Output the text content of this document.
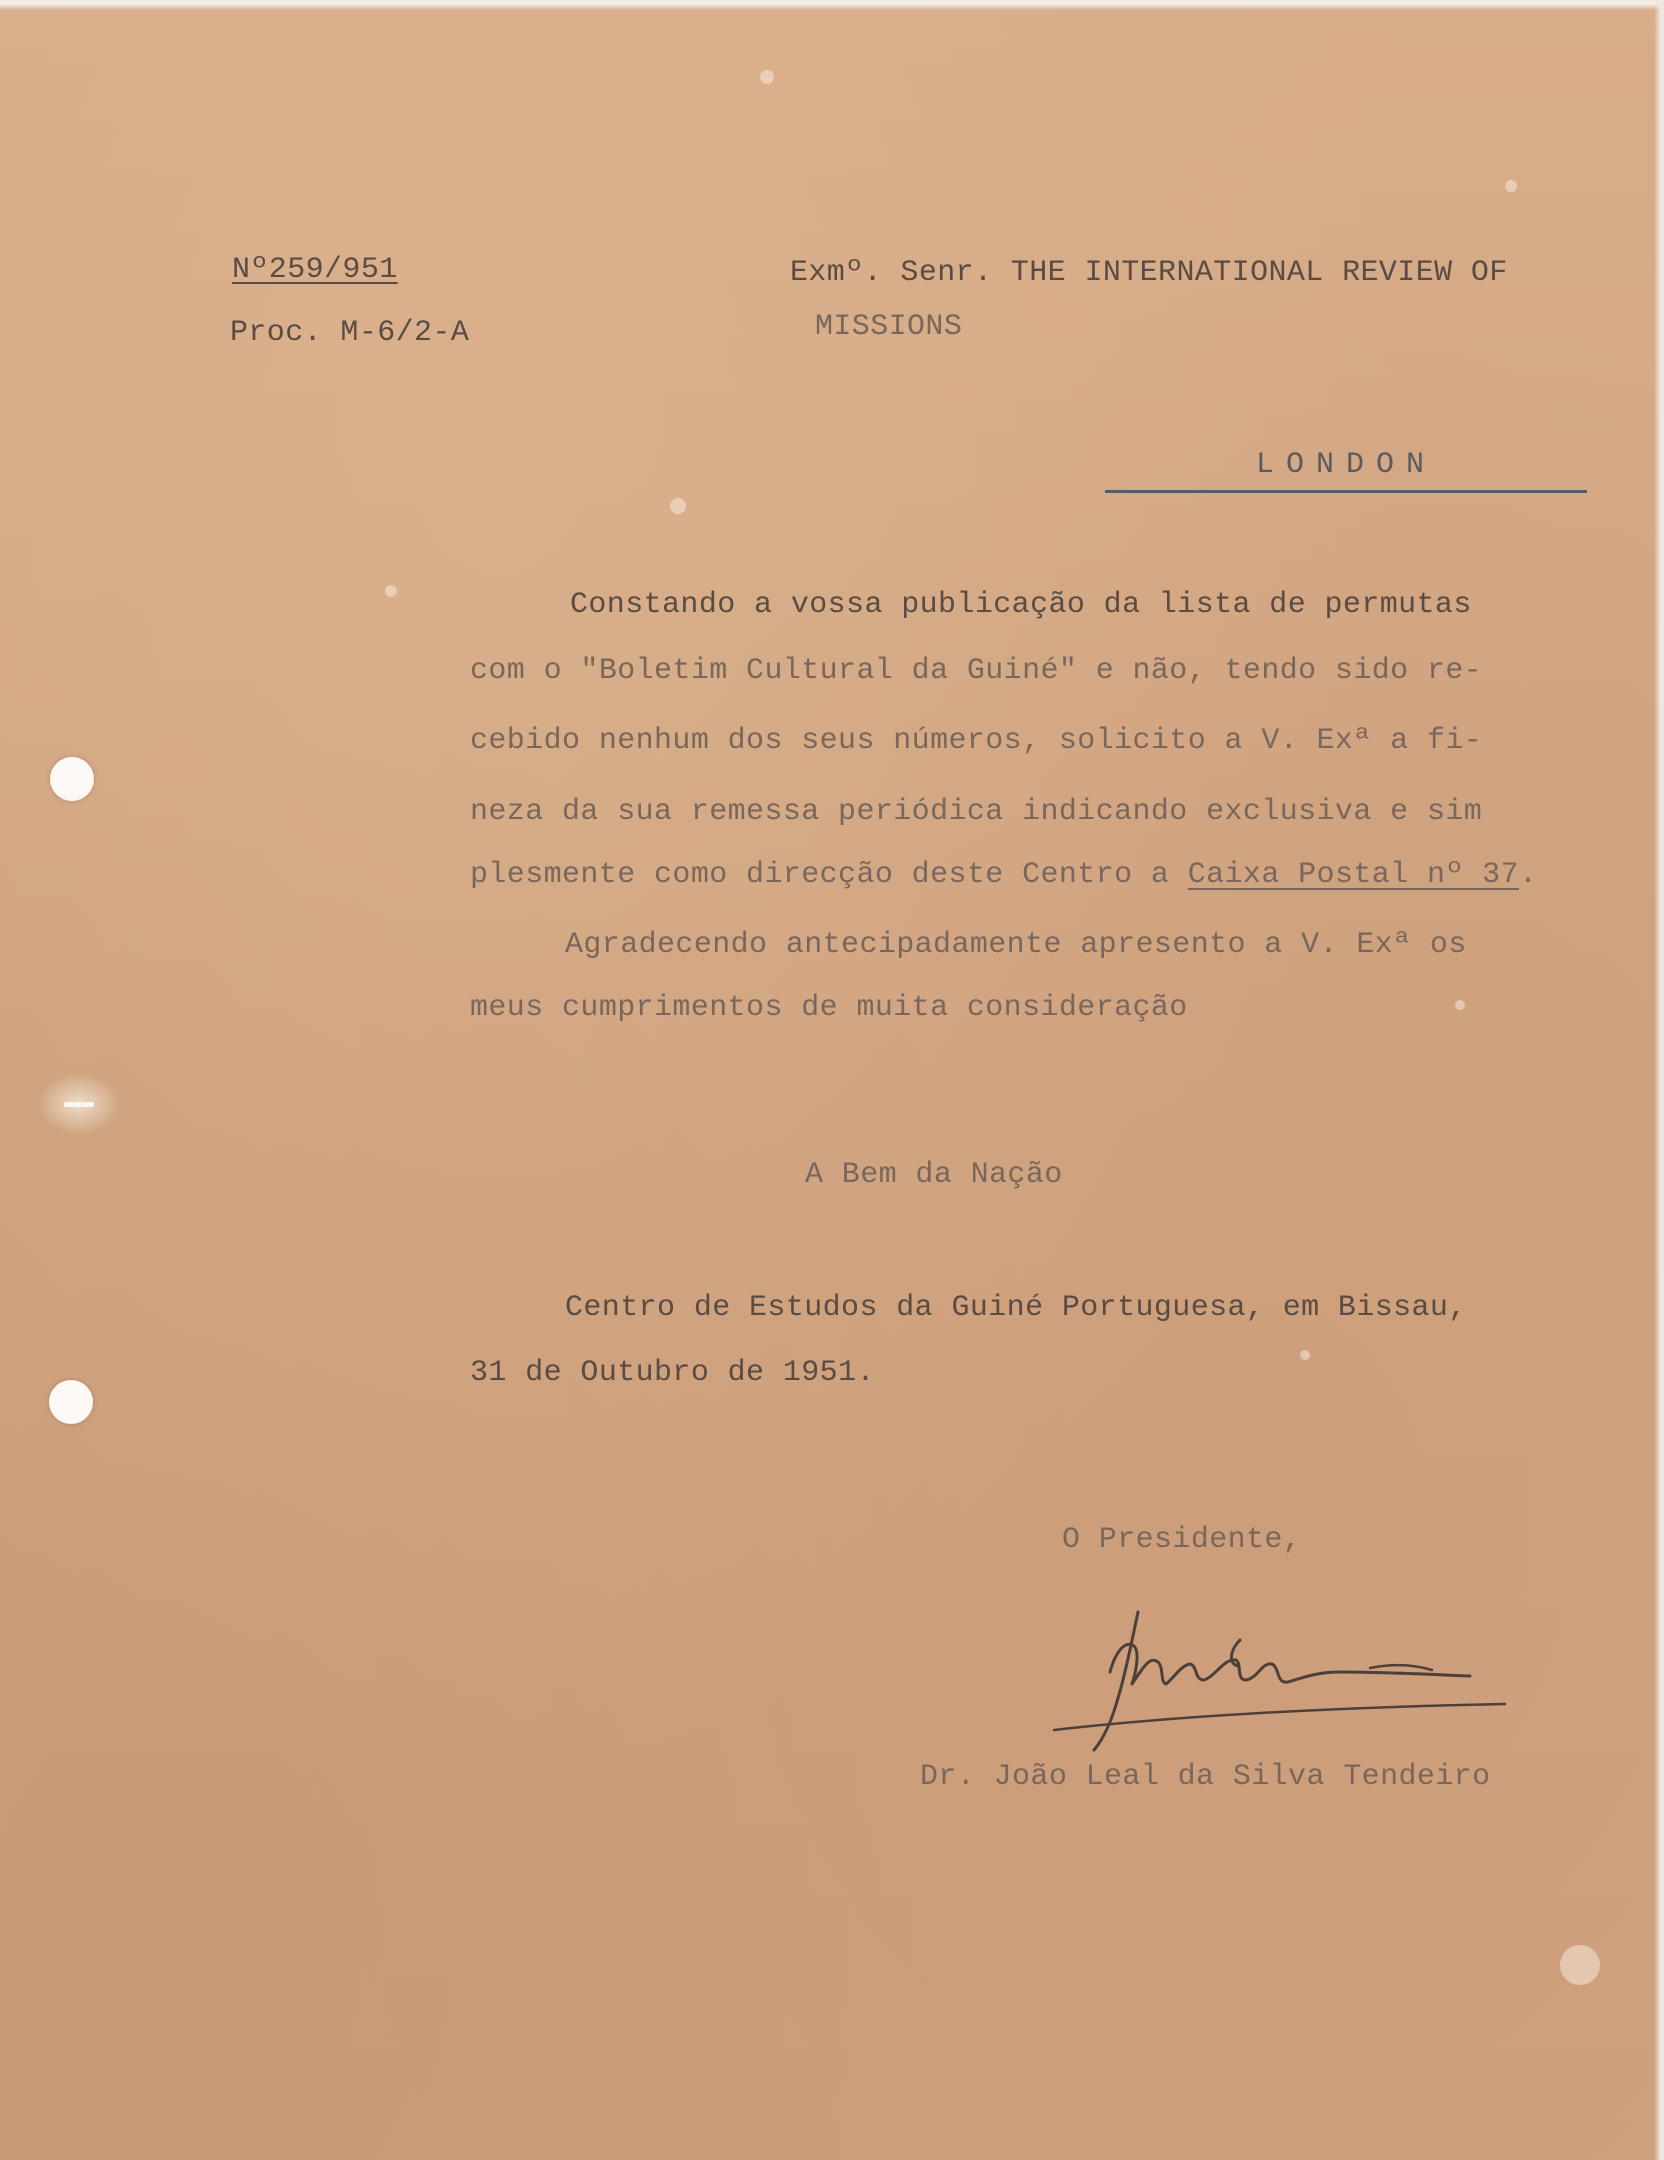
Nº259/951
Proc. M-6/2-A
Exmº. Senr. THE INTERNATIONAL REVIEW OF
MISSIONS
LONDON
Constando a vossa publicação da lista de permutas
com o "Boletim Cultural da Guiné" e não, tendo sido re-
cebido nenhum dos seus números, solicito a V. Exª a fi-
neza da sua remessa periódica indicando exclusiva e sim
plesmente como direcção deste Centro a Caixa Postal nº 37.
Agradecendo antecipadamente apresento a V. Exª os
meus cumprimentos de muita consideração
A Bem da Nação
Centro de Estudos da Guiné Portuguesa, em Bissau,
31 de Outubro de 1951.
O Presidente,
Dr. João Leal da Silva Tendeiro
